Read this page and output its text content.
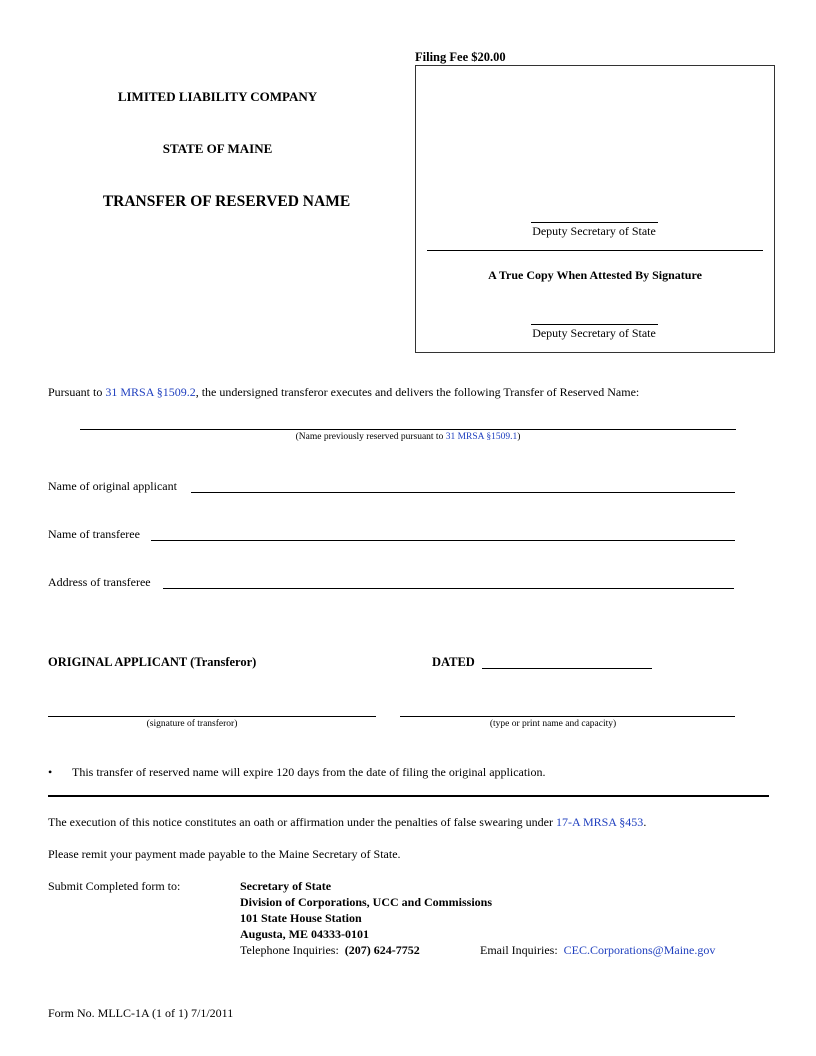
Filing Fee $20.00
LIMITED LIABILITY COMPANY
STATE OF MAINE
TRANSFER OF RESERVED NAME
Deputy Secretary of State
A True Copy When Attested By Signature
Deputy Secretary of State
Pursuant to 31 MRSA §1509.2, the undersigned transferor executes and delivers the following Transfer of Reserved Name:
(Name previously reserved pursuant to 31 MRSA §1509.1)
Name of original applicant
Name of transferee
Address of transferee
ORIGINAL APPLICANT (Transferor)	DATED
(signature of transferor)	(type or print name and capacity)
• This transfer of reserved name will expire 120 days from the date of filing the original application.
The execution of this notice constitutes an oath or affirmation under the penalties of false swearing under 17-A MRSA §453.
Please remit your payment made payable to the Maine Secretary of State.
Submit Completed form to:	Secretary of State
Division of Corporations, UCC and Commissions
101 State House Station
Augusta, ME 04333-0101
Telephone Inquiries: (207) 624-7752	Email Inquiries: CEC.Corporations@Maine.gov
Form No. MLLC-1A (1 of 1) 7/1/2011
